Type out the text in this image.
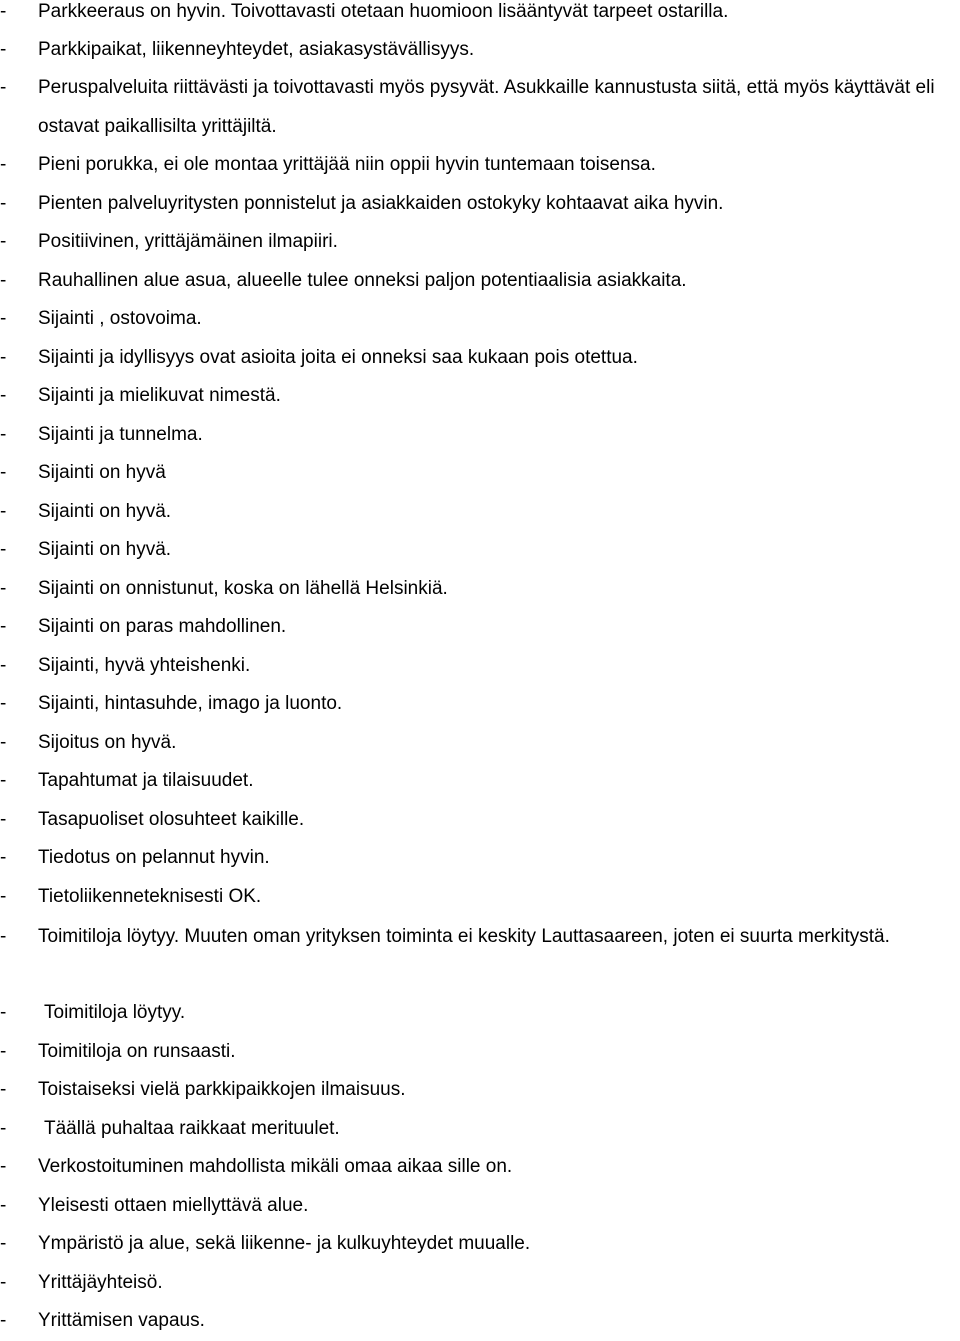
-	Parkkeeraus on hyvin. Toivottavasti otetaan huomioon lisääntyvät tarpeet ostarilla.
-	Parkkipaikat, liikenneyhteydet, asiakasystävällisyys.
-	Peruspalveluita riittävästi ja toivottavasti myös pysyvät. Asukkaille kannustusta siitä, että myös käyttävät eli ostavat paikallisilta yrittäjiltä.
-	Pieni porukka, ei ole montaa yrittäjää niin oppii hyvin tuntemaan toisensa.
-	Pienten palveluyritysten ponnistelut ja asiakkaiden ostokyky kohtaavat aika hyvin.
-	Positiivinen, yrittäjämäinen ilmapiiri.
-	Rauhallinen alue asua, alueelle tulee onneksi paljon potentiaalisia asiakkaita.
-	Sijainti , ostovoima.
-	Sijainti ja idyllisyys ovat asioita joita ei onneksi saa kukaan pois otettua.
-	Sijainti ja mielikuvat nimestä.
-	Sijainti ja tunnelma.
-	Sijainti on hyvä
-	Sijainti on hyvä.
-	Sijainti on hyvä.
-	Sijainti on onnistunut, koska on lähellä Helsinkiä.
-	Sijainti on paras mahdollinen.
-	Sijainti, hyvä yhteishenki.
-	Sijainti, hintasuhde, imago ja luonto.
-	Sijoitus on hyvä.
-	Tapahtumat ja tilaisuudet.
-	Tasapuoliset olosuhteet kaikille.
-	Tiedotus on pelannut hyvin.
-	Tietoliikenneteknisesti OK.
-	Toimitiloja löytyy. Muuten oman yrityksen toiminta ei keskity Lauttasaareen, joten ei suurta merkitystä.
-	Toimitiloja löytyy.
-	Toimitiloja on runsaasti.
-	Toistaiseksi vielä parkkipaikkojen ilmaisuus.
-	Täällä puhaltaa raikkaat merituulet.
-	Verkostoituminen mahdollista mikäli omaa aikaa sille on.
-	Yleisesti ottaen miellyttävä alue.
-	Ympäristö ja alue, sekä liikenne- ja kulkuyhteydet muualle.
-	Yrittäjäyhteisö.
-	Yrittämisen vapaus.
